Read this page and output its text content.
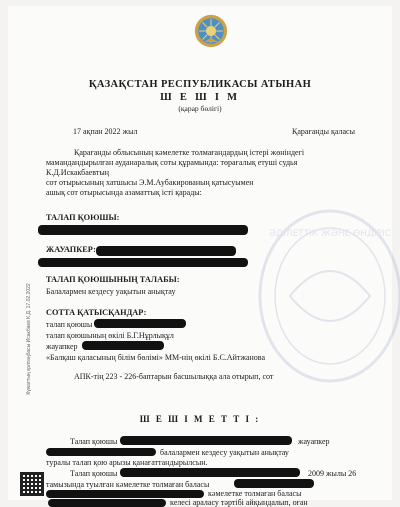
ҚАЗАҚСТАН РЕСПУБЛИКАСЫ АТЫНАН
Ш Е Ш І М
(қарар бөлігі)
17 ақпан 2022 жыл	Қарағанды қаласы
Қарағанды облысының кәмелетке толмағандардың істері жөніндегі
мамандандырылған ауданаралық соты құрамында: төрағалық етуші судья
К.Д.Искакбаевтың
сот отырысының хатшысы Э.М.Аубакированың қатысуымен
ашық сот отырысында азаматтық істі қарады:
ТАЛАП ҚОЮШЫ:
ЖАУАПКЕР:
ТАЛАП ҚОЮШЫНЫҢ ТАЛАБЫ:
Балалармен кездесу уақытын анықтау
СОТТА ҚАТЫСҚАНДАР:
талап қоюшы
талап қоюшының өкілі Б.Г.Нұрлықұл
жауапкер
«Балқаш қаласының білім бөлімі» ММ-нің өкілі Б.С.Айтжанова
АПК-тің 223 - 226-баптарын басшылыққа ала отырып, сот
Ш Е Ш І М Е Т Т І :
Талап қоюшы	жауапкер
балалармен кездесу уақытын анықтау
туралы талап қою арызы қанағаттандырылсын.
Талап қоюшы	2009 жылы 26
тамызында туылған кәмелетке толмаған баласы
кәмелетке толмаған баласы
келесі араласу тәртібі айқындалып, оған
ӘДІЛЕТТІК ЖӘНЕ ӨНДІРІС
Күжаттың қолтаңбасы Исакбаев К.Д. 17.02.2022
